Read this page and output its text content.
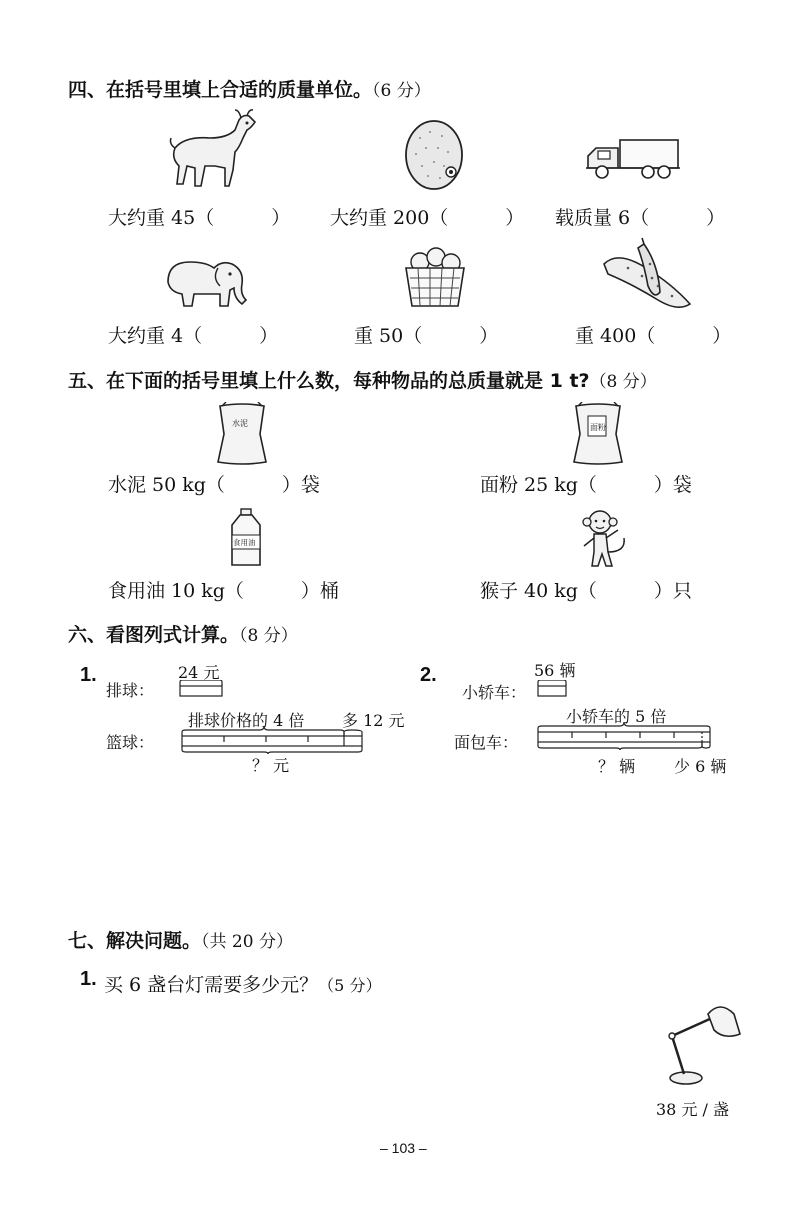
四、在括号里填上合适的质量单位。（6 分）
大约重 45（　　　） 大约重 200（　　　） 载质量 6（　　　）
大约重 4（　　　）	重 50（　　　）	重 400（　　　）
五、在下面的括号里填上什么数，每种物品的总质量就是 1 t?（8 分）
水泥	面粉
水泥 50 kg（　　　）袋	面粉 25 kg（　　　）袋
食用油
食用油 10 kg（　　　）桶	猴子 40 kg（　　　）只
六、看图列式计算。（8 分）
1.
排球：
24 元
排球价格的 4 倍 多 12 元
篮球：
？ 元
2.
小轿车：
56 辆
小轿车的 5 倍
面包车：
？ 辆 少 6 辆
七、解决问题。（共 20 分）
1. 买 6 盏台灯需要多少元？（5 分）
38 元 / 盏
– 103 –
